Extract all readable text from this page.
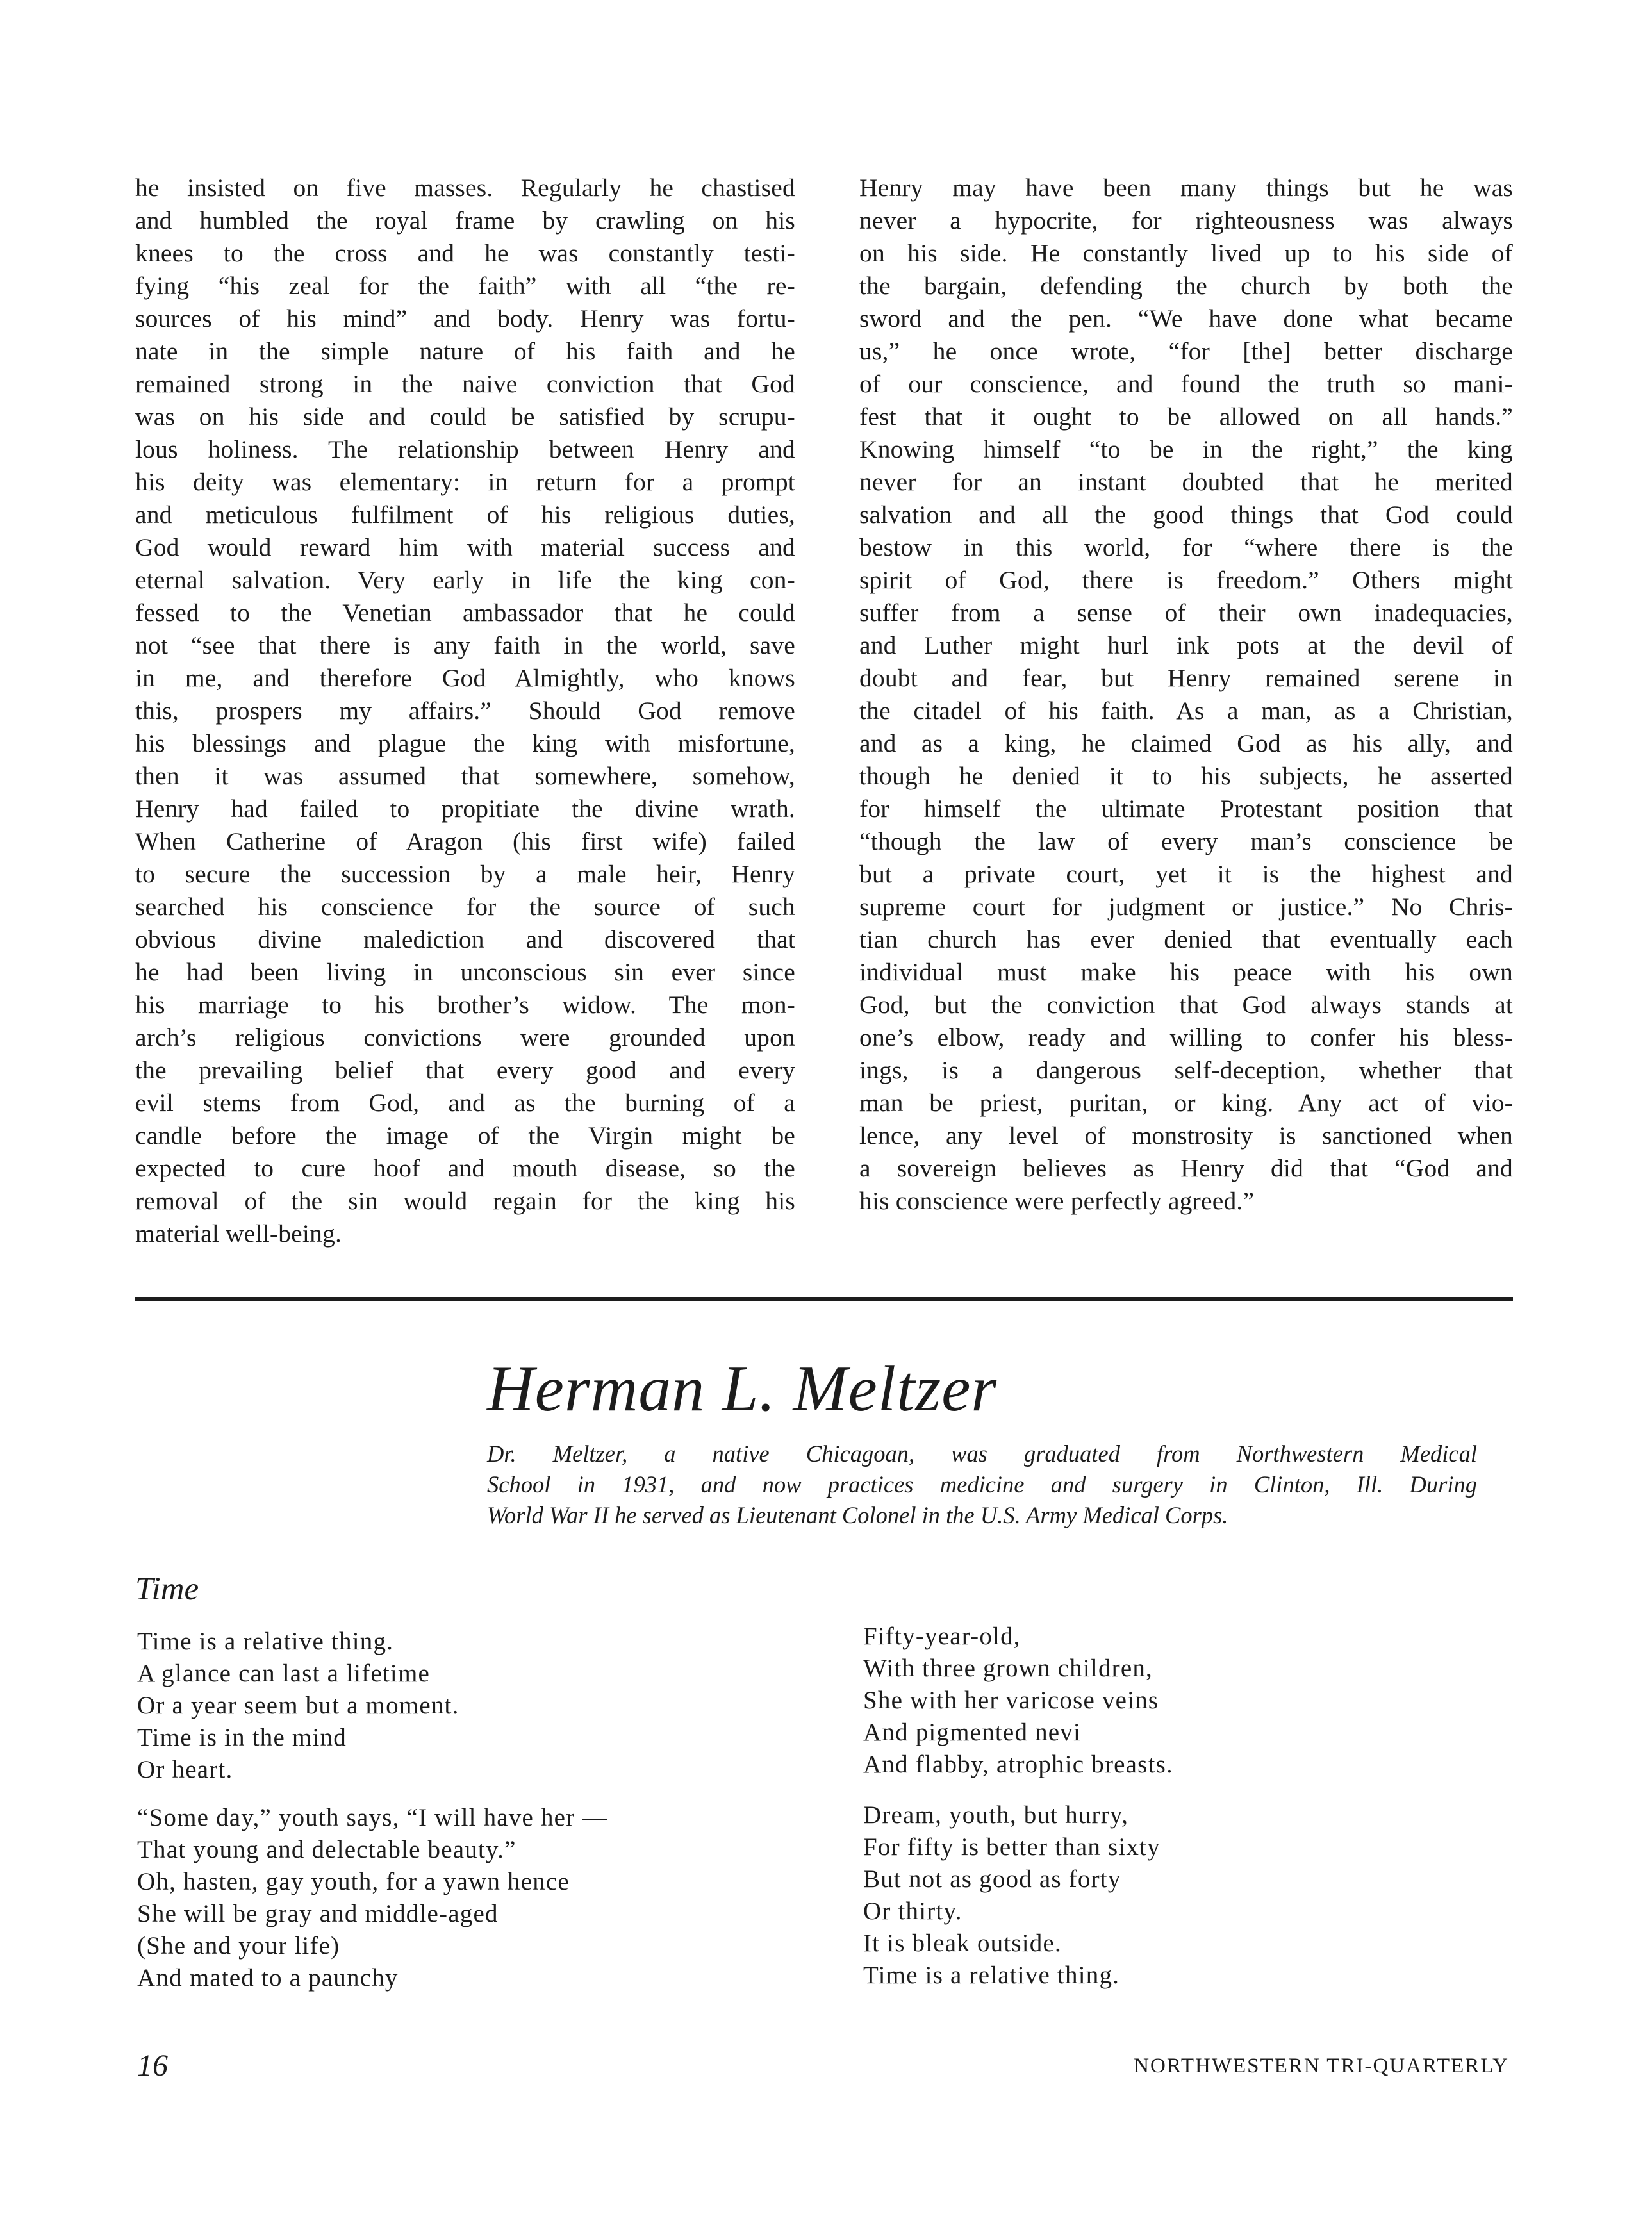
he insisted on five masses. Regularly he chastised
and humbled the royal frame by crawling on his
knees to the cross and he was constantly testi-
fying “his zeal for the faith” with all “the re-
sources of his mind” and body. Henry was fortu-
nate in the simple nature of his faith and he
remained strong in the naive conviction that God
was on his side and could be satisfied by scrupu-
lous holiness. The relationship between Henry and
his deity was elementary: in return for a prompt
and meticulous fulfilment of his religious duties,
God would reward him with material success and
eternal salvation. Very early in life the king con-
fessed to the Venetian ambassador that he could
not “see that there is any faith in the world, save
in me, and therefore God Almightly, who knows
this, prospers my affairs.” Should God remove
his blessings and plague the king with misfortune,
then it was assumed that somewhere, somehow,
Henry had failed to propitiate the divine wrath.
When Catherine of Aragon (his first wife) failed
to secure the succession by a male heir, Henry
searched his conscience for the source of such
obvious divine malediction and discovered that
he had been living in unconscious sin ever since
his marriage to his brother’s widow. The mon-
arch’s religious convictions were grounded upon
the prevailing belief that every good and every
evil stems from God, and as the burning of a
candle before the image of the Virgin might be
expected to cure hoof and mouth disease, so the
removal of the sin would regain for the king his
material well-being.
Henry may have been many things but he was
never a hypocrite, for righteousness was always
on his side. He constantly lived up to his side of
the bargain, defending the church by both the
sword and the pen. “We have done what became
us,” he once wrote, “for [the] better discharge
of our conscience, and found the truth so mani-
fest that it ought to be allowed on all hands.”
Knowing himself “to be in the right,” the king
never for an instant doubted that he merited
salvation and all the good things that God could
bestow in this world, for “where there is the
spirit of God, there is freedom.” Others might
suffer from a sense of their own inadequacies,
and Luther might hurl ink pots at the devil of
doubt and fear, but Henry remained serene in
the citadel of his faith. As a man, as a Christian,
and as a king, he claimed God as his ally, and
though he denied it to his subjects, he asserted
for himself the ultimate Protestant position that
“though the law of every man’s conscience be
but a private court, yet it is the highest and
supreme court for judgment or justice.” No Chris-
tian church has ever denied that eventually each
individual must make his peace with his own
God, but the conviction that God always stands at
one’s elbow, ready and willing to confer his bless-
ings, is a dangerous self-deception, whether that
man be priest, puritan, or king. Any act of vio-
lence, any level of monstrosity is sanctioned when
a sovereign believes as Henry did that “God and
his conscience were perfectly agreed.”
Herman L. Meltzer
Dr. Meltzer, a native Chicagoan, was graduated from Northwestern Medical
School in 1931, and now practices medicine and surgery in Clinton, Ill. During
World War II he served as Lieutenant Colonel in the U.S. Army Medical Corps.
Time
Time is a relative thing.
A glance can last a lifetime
Or a year seem but a moment.
Time is in the mind
Or heart.
“Some day,” youth says, “I will have her —
That young and delectable beauty.”
Oh, hasten, gay youth, for a yawn hence
She will be gray and middle-aged
(She and your life)
And mated to a paunchy
Fifty-year-old,
With three grown children,
She with her varicose veins
And pigmented nevi
And flabby, atrophic breasts.
Dream, youth, but hurry,
For fifty is better than sixty
But not as good as forty
Or thirty.
It is bleak outside.
Time is a relative thing.
16	NORTHWESTERN TRI-QUARTERLY
